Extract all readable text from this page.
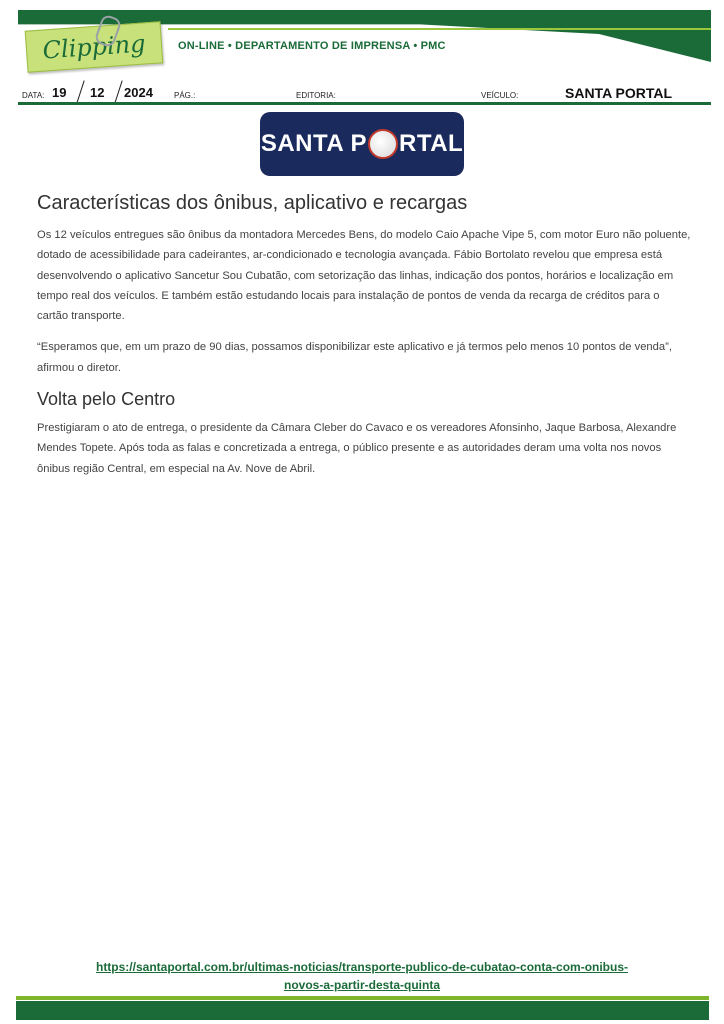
Clipping	ON-LINE • DEPARTAMENTO DE IMPRENSA • PMC
DATA: 19 12 2024	PÁG.:	EDITORIA:	VEÍCULO:	SANTA PORTAL
SANTA P RTAL
Características dos ônibus, aplicativo e recargas

Os 12 veículos entregues são ônibus da montadora Mercedes Bens, do modelo Caio Apache Vipe 5, com motor Euro não poluente, dotado de acessibilidade para cadeirantes, ar-condicionado e tecnologia avançada. Fábio Bortolato revelou que empresa está desenvolvendo o aplicativo Sancetur Sou Cubatão, com setorização das linhas, indicação dos pontos, horários e localização em tempo real dos veículos. E também estão estudando locais para instalação de pontos de venda da recarga de créditos para o cartão transporte.

“Esperamos que, em um prazo de 90 dias, possamos disponibilizar este aplicativo e já termos pelo menos 10 pontos de venda”, afirmou o diretor.

Volta pelo Centro

Prestigiaram o ato de entrega, o presidente da Câmara Cleber do Cavaco e os vereadores Afonsinho, Jaque Barbosa, Alexandre Mendes Topete. Após toda as falas e concretizada a entrega, o público presente e as autoridades deram uma volta nos novos ônibus região Central, em especial na Av. Nove de Abril.

https://santaportal.com.br/ultimas-noticias/transporte-publico-de-cubatao-conta-com-onibus-
novos-a-partir-desta-quinta
